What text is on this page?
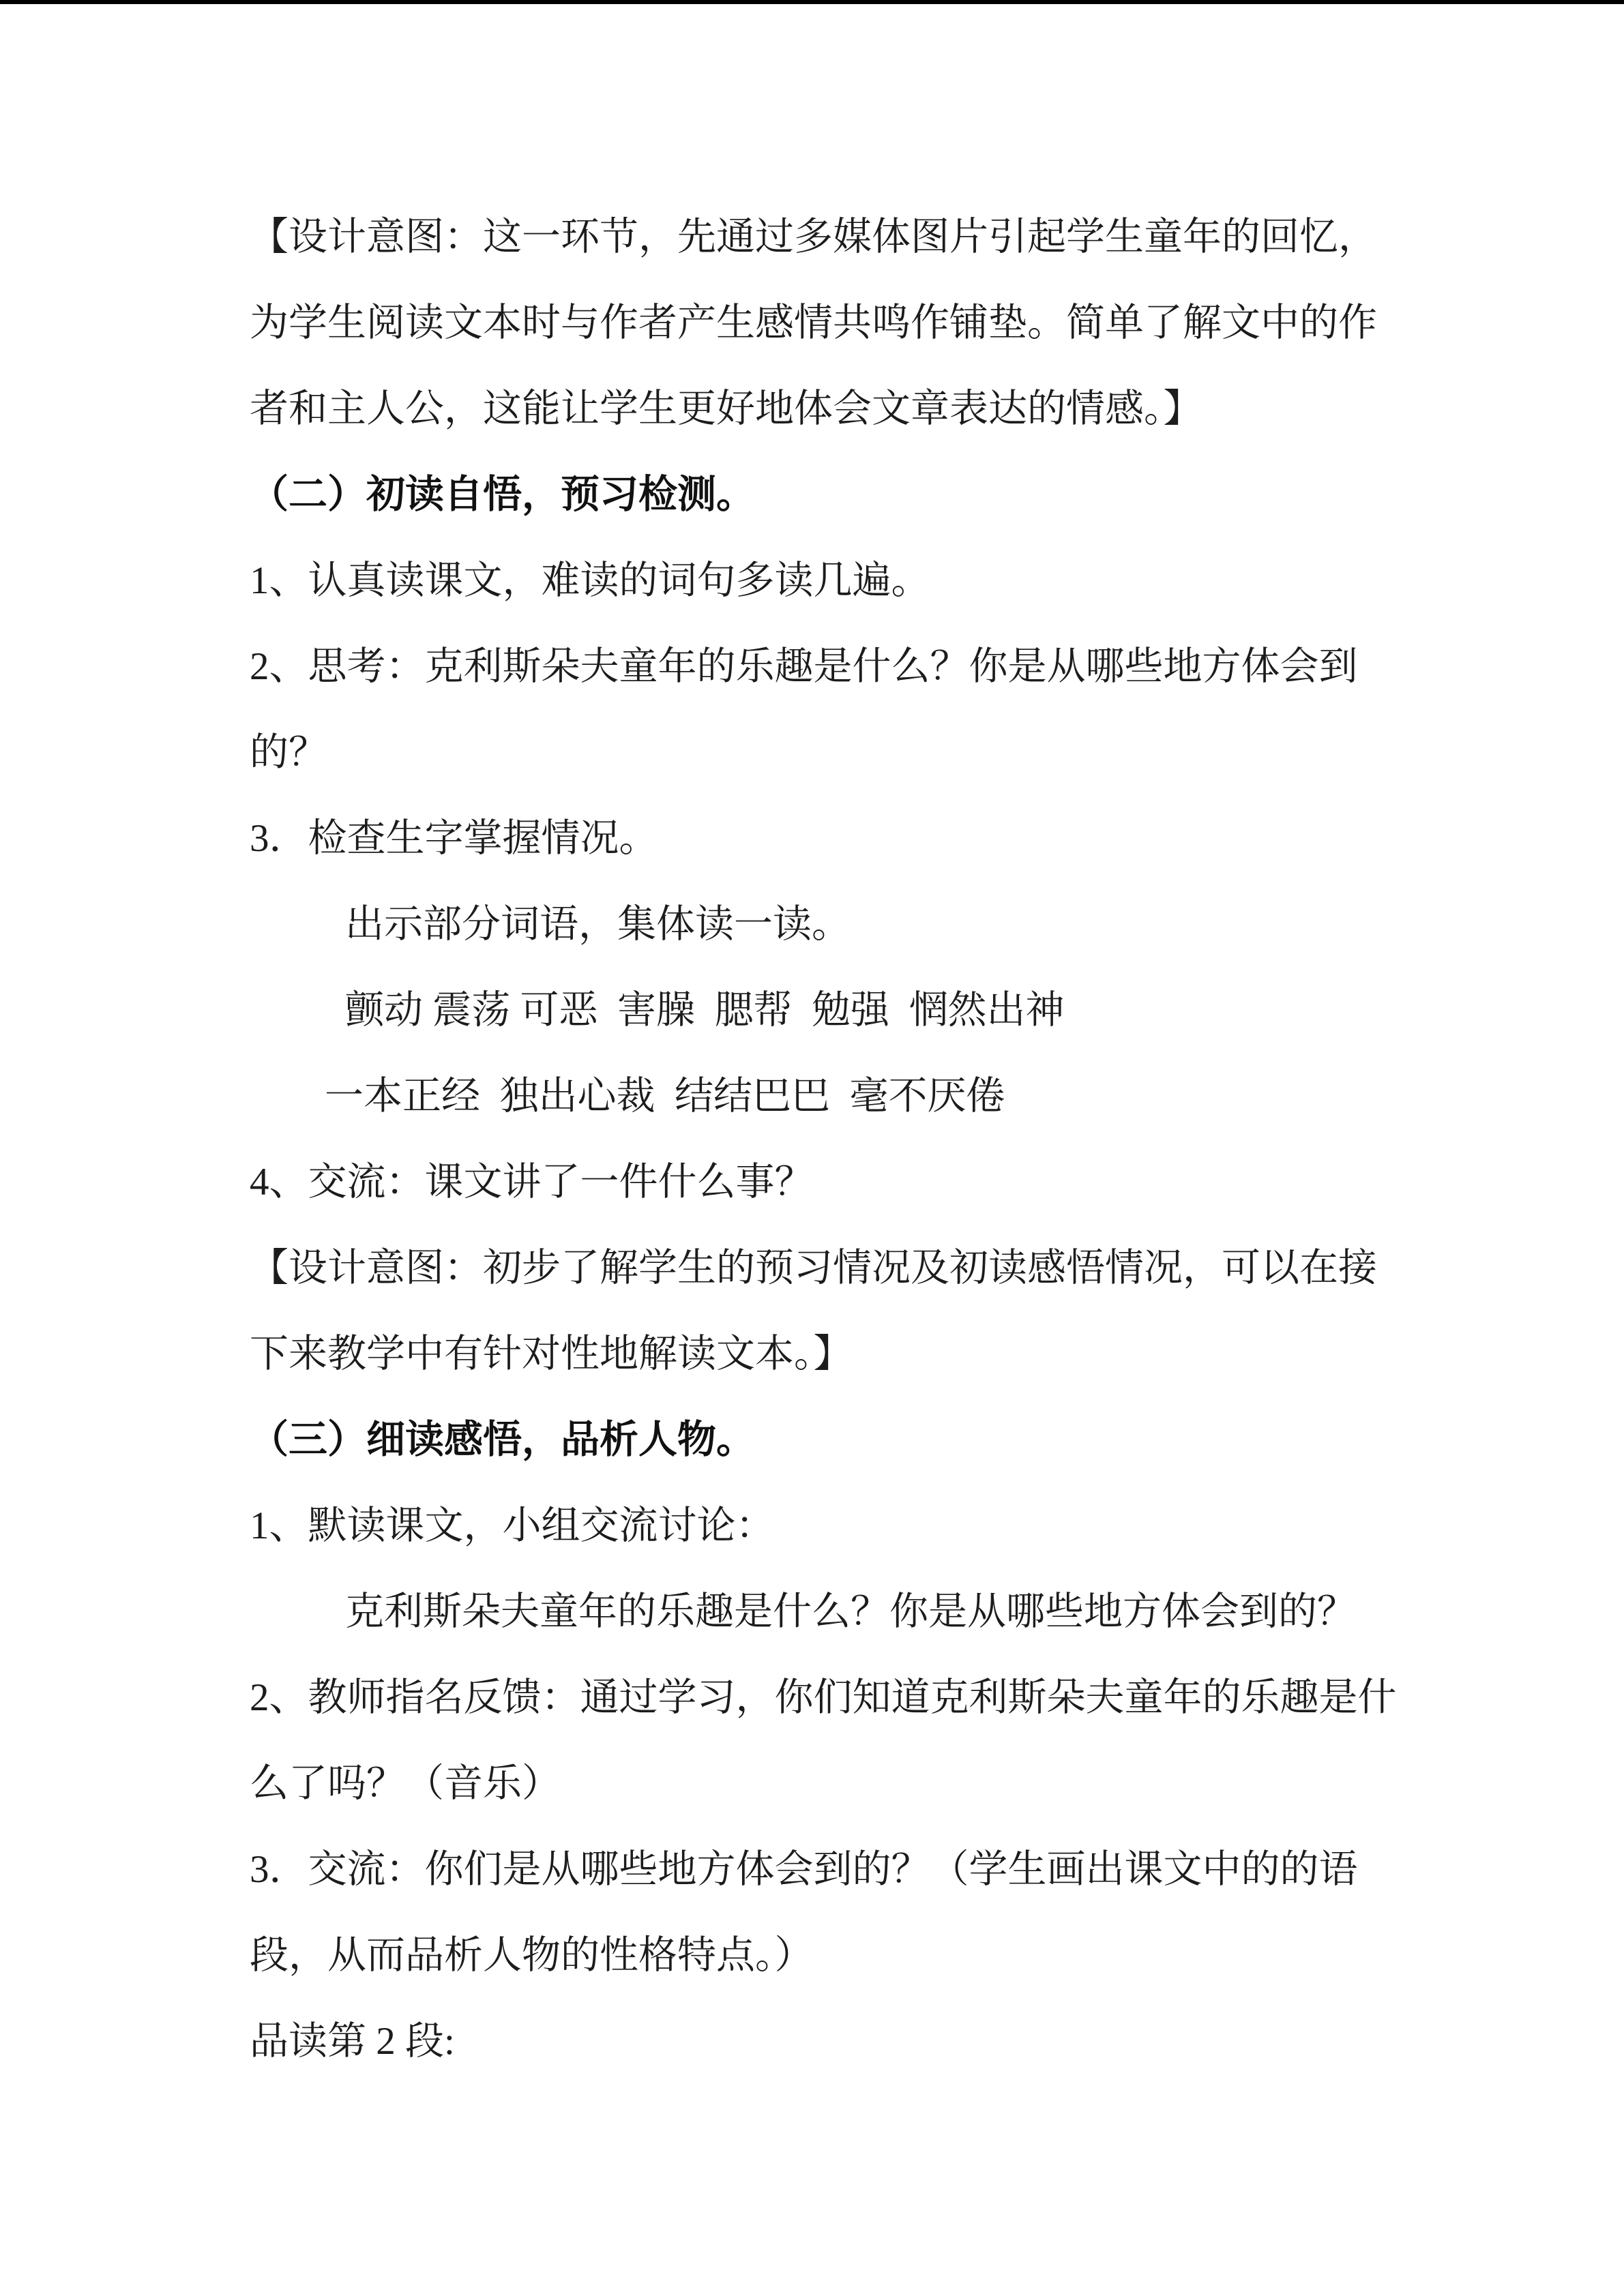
【设计意图：这一环节，先通过多媒体图片引起学生童年的回忆，
为学生阅读文本时与作者产生感情共鸣作铺垫。简单了解文中的作
者和主人公，这能让学生更好地体会文章表达的情感。】
（二）初读自悟，预习检测。
1、认真读课文，难读的词句多读几遍。
2、思考：克利斯朵夫童年的乐趣是什么？你是从哪些地方体会到
的？
3．检查生字掌握情况。
出示部分词语，集体读一读。
颤动 震荡 可恶  害臊  腮帮  勉强  惘然出神
一本正经  独出心裁  结结巴巴  毫不厌倦
4、交流：课文讲了一件什么事？
【设计意图：初步了解学生的预习情况及初读感悟情况，可以在接
下来教学中有针对性地解读文本。】
（三）细读感悟，品析人物。
1、默读课文，小组交流讨论：
克利斯朵夫童年的乐趣是什么？你是从哪些地方体会到的？
2、教师指名反馈：通过学习，你们知道克利斯朵夫童年的乐趣是什
么了吗？（音乐）
3．交流：你们是从哪些地方体会到的？（学生画出课文中的的语
段，从而品析人物的性格特点。）
品读第 2 段:
